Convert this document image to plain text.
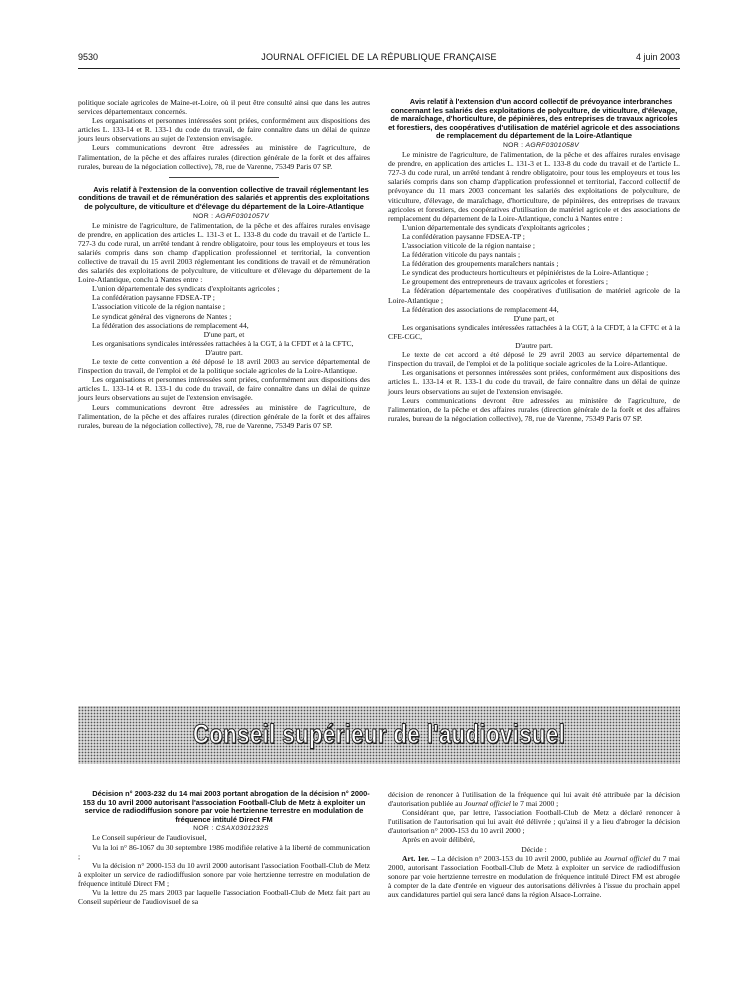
9530	JOURNAL OFFICIEL DE LA RÉPUBLIQUE FRANÇAISE	4 juin 2003

politique sociale agricoles de Maine-et-Loire, où il peut être consulté ainsi que dans les autres services départementaux concernés.

Les organisations et personnes intéressées sont priées, conformément aux dispositions des articles L. 133-14 et R. 133-1 du code du travail, de faire connaître dans un délai de quinze jours leurs observations au sujet de l'extension envisagée.

Leurs communications devront être adressées au ministère de l'agriculture, de l'alimentation, de la pêche et des affaires rurales (direction générale de la forêt et des affaires rurales, bureau de la négociation collective), 78, rue de Varenne, 75349 Paris 07 SP.

Avis relatif à l'extension de la convention collective de travail réglementant les conditions de travail et de rémunération des salariés et apprentis des exploitations de polyculture, de viticulture et d'élevage du département de la Loire-Atlantique

NOR : AGRF0301057V

Le ministre de l'agriculture, de l'alimentation, de la pêche et des affaires rurales envisage de prendre, en application des articles L. 131-3 et L. 133-8 du code du travail et de l'article L. 727-3 du code rural, un arrêté tendant à rendre obligatoire, pour tous les employeurs et tous les salariés compris dans son champ d'application professionnel et territorial, la convention collective de travail du 15 avril 2003 réglementant les conditions de travail et de rémunération des salariés des exploitations de polyculture, de viticulture et d'élevage du département de la Loire-Atlantique, conclu à Nantes entre :

L'union départementale des syndicats d'exploitants agricoles ;

La confédération paysanne FDSEA-TP ;

L'association viticole de la région nantaise ;

Le syndicat général des vignerons de Nantes ;

La fédération des associations de remplacement 44,

D'une part, et

Les organisations syndicales intéressées rattachées à la CGT, à la CFDT et à la CFTC,

D'autre part.

Le texte de cette convention a été déposé le 18 avril 2003 au service départemental de l'inspection du travail, de l'emploi et de la politique sociale agricoles de la Loire-Atlantique.

Les organisations et personnes intéressées sont priées, conformément aux dispositions des articles L. 133-14 et R. 133-1 du code du travail, de faire connaître dans un délai de quinze jours leurs observations au sujet de l'extension envisagée.

Leurs communications devront être adressées au ministère de l'agriculture, de l'alimentation, de la pêche et des affaires rurales (direction générale de la forêt et des affaires rurales, bureau de la négociation collective), 78, rue de Varenne, 75349 Paris 07 SP.

Avis relatif à l'extension d'un accord collectif de prévoyance interbranches concernant les salariés des exploitations de polyculture, de viticulture, d'élevage, de maraîchage, d'horticulture, de pépinières, des entreprises de travaux agricoles et forestiers, des coopératives d'utilisation de matériel agricole et des associations de remplacement du département de la Loire-Atlantique

NOR : AGRF0301058V

Le ministre de l'agriculture, de l'alimentation, de la pêche et des affaires rurales envisage de prendre, en application des articles L. 131-3 et L. 133-8 du code du travail et de l'article L. 727-3 du code rural, un arrêté tendant à rendre obligatoire, pour tous les employeurs et tous les salariés compris dans son champ d'application professionnel et territorial, l'accord collectif de prévoyance du 11 mars 2003 concernant les salariés des exploitations de polyculture, de viticulture, d'élevage, de maraîchage, d'horticulture, de pépinières, des entreprises de travaux agricoles et forestiers, des coopératives d'utilisation de matériel agricole et des associations de remplacement du département de la Loire-Atlantique, conclu à Nantes entre :

L'union départementale des syndicats d'exploitants agricoles ;

La confédération paysanne FDSEA-TP ;

L'association viticole de la région nantaise ;

La fédération viticole du pays nantais ;

La fédération des groupements maraîchers nantais ;

Le syndicat des producteurs horticulteurs et pépiniéristes de la Loire-Atlantique ;

Le groupement des entrepreneurs de travaux agricoles et forestiers ;

La fédération départementale des coopératives d'utilisation de matériel agricole de la Loire-Atlantique ;

La fédération des associations de remplacement 44,

D'une part, et

Les organisations syndicales intéressées rattachées à la CGT, à la CFDT, à la CFTC et à la CFE-CGC,

D'autre part.

Le texte de cet accord a été déposé le 29 avril 2003 au service départemental de l'inspection du travail, de l'emploi et de la politique sociale agricoles de la Loire-Atlantique.

Les organisations et personnes intéressées sont priées, conformément aux dispositions des articles L. 133-14 et R. 133-1 du code du travail, de faire connaître dans un délai de quinze jours leurs observations au sujet de l'extension envisagée.

Leurs communications devront être adressées au ministère de l'agriculture, de l'alimentation, de la pêche et des affaires rurales (direction générale de la forêt et des affaires rurales, bureau de la négociation collective), 78, rue de Varenne, 75349 Paris 07 SP.

Conseil supérieur de l'audiovisuel

Décision n° 2003-232 du 14 mai 2003 portant abrogation de la décision n° 2000-153 du 10 avril 2000 autorisant l'association Football-Club de Metz à exploiter un service de radiodiffusion sonore par voie hertzienne terrestre en modulation de fréquence intitulé Direct FM

NOR : CSAX0301232S

Le Conseil supérieur de l'audiovisuel,

Vu la loi n° 86-1067 du 30 septembre 1986 modifiée relative à la liberté de communication ;

Vu la décision n° 2000-153 du 10 avril 2000 autorisant l'association Football-Club de Metz à exploiter un service de radiodiffusion sonore par voie hertzienne terrestre en modulation de fréquence intitulé Direct FM ;

Vu la lettre du 25 mars 2003 par laquelle l'association Football-Club de Metz fait part au Conseil supérieur de l'audiovisuel de sa

décision de renoncer à l'utilisation de la fréquence qui lui avait été attribuée par la décision d'autorisation publiée au Journal officiel le 7 mai 2000 ;

Considérant que, par lettre, l'association Football-Club de Metz a déclaré renoncer à l'utilisation de l'autorisation qui lui avait été délivrée ; qu'ainsi il y a lieu d'abroger la décision d'autorisation n° 2000-153 du 10 avril 2000 ;

Après en avoir délibéré,

Décide :

Art. 1er. – La décision n° 2003-153 du 10 avril 2000, publiée au Journal officiel du 7 mai 2000, autorisant l'association Football-Club de Metz à exploiter un service de radiodiffusion sonore par voie hertzienne terrestre en modulation de fréquence intitulé Direct FM est abrogée à compter de la date d'entrée en vigueur des autorisations délivrées à l'issue du prochain appel aux candidatures partiel qui sera lancé dans la région Alsace-Lorraine.
